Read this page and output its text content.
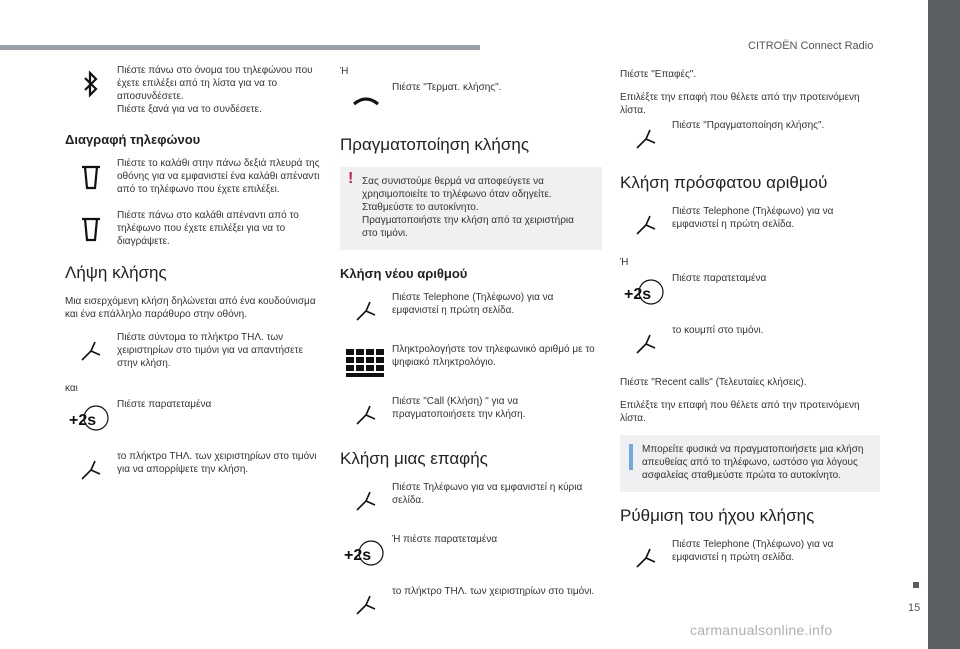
CITROËN Connect Radio
15
carmanualsonline.info
Πιέστε πάνω στο όνομα του τηλεφώνου που έχετε επιλέξει από τη λίστα για να το αποσυνδέσετε.
Πιέστε ξανά για να το συνδέσετε.
Διαγραφή τηλεφώνου
Πιέστε το καλάθι στην πάνω δεξιά πλευρά της οθόνης για να εμφανιστεί ένα καλάθι απέναντι από το τηλέφωνο που έχετε επιλέξει.
Πιέστε πάνω στο καλάθι απέναντι από το τηλέφωνο που έχετε επιλέξει για να το διαγράψετε.
Λήψη κλήσης
Μια εισερχόμενη κλήση δηλώνεται από ένα κουδούνισμα και ένα επάλληλο παράθυρο στην οθόνη.
Πιέστε σύντομα το πλήκτρο ΤΗΛ. των χειριστηρίων στο τιμόνι για να απαντήσετε στην κλήση.
και
+2s
Πιέστε παρατεταμένα
το πλήκτρο ΤΗΛ. των χειριστηρίων στο τιμόνι για να απορρίψετε την κλήση.
Ή
Πιέστε "Τερματ. κλήσης".
Πραγματοποίηση κλήσης
! Σας συνιστούμε θερμά να αποφεύγετε να χρησιμοποιείτε το τηλέφωνο όταν οδηγείτε.
Σταθμεύστε το αυτοκίνητο.
Πραγματοποιήστε την κλήση από τα χειριστήρια στο τιμόνι.
Κλήση νέου αριθμού
Πιέστε Telephone (Τηλέφωνο) για να εμφανιστεί η πρώτη σελίδα.
Πληκτρολογήστε τον τηλεφωνικό αριθμό με το ψηφιακό πληκτρολόγιο.
Πιέστε "Call (Κλήση) " για να πραγματοποιήσετε την κλήση.
Κλήση μιας επαφής
Πιέστε Τηλέφωνο για να εμφανιστεί η κύρια σελίδα.
+2s
Ή πιέστε παρατεταμένα
το πλήκτρο ΤΗΛ. των χειριστηρίων στο τιμόνι.
Πιέστε "Επαφές".
Επιλέξτε την επαφή που θέλετε από την προτεινόμενη λίστα.
Πιέστε "Πραγματοποίηση κλήσης".
Κλήση πρόσφατου αριθμού
Πιέστε Telephone (Τηλέφωνο) για να εμφανιστεί η πρώτη σελίδα.
Ή
+2s
Πιέστε παρατεταμένα
το κουμπί στο τιμόνι.
Πιέστε "Recent calls" (Τελευταίες κλήσεις).
Επιλέξτε την επαφή που θέλετε από την προτεινόμενη λίστα.
Μπορείτε φυσικά να πραγματοποιήσετε μια κλήση απευθείας από το τηλέφωνο, ωστόσο για λόγους ασφαλείας σταθμεύστε πρώτα το αυτοκίνητο.
Ρύθμιση του ήχου κλήσης
Πιέστε Telephone (Τηλέφωνο) για να εμφανιστεί η πρώτη σελίδα.
